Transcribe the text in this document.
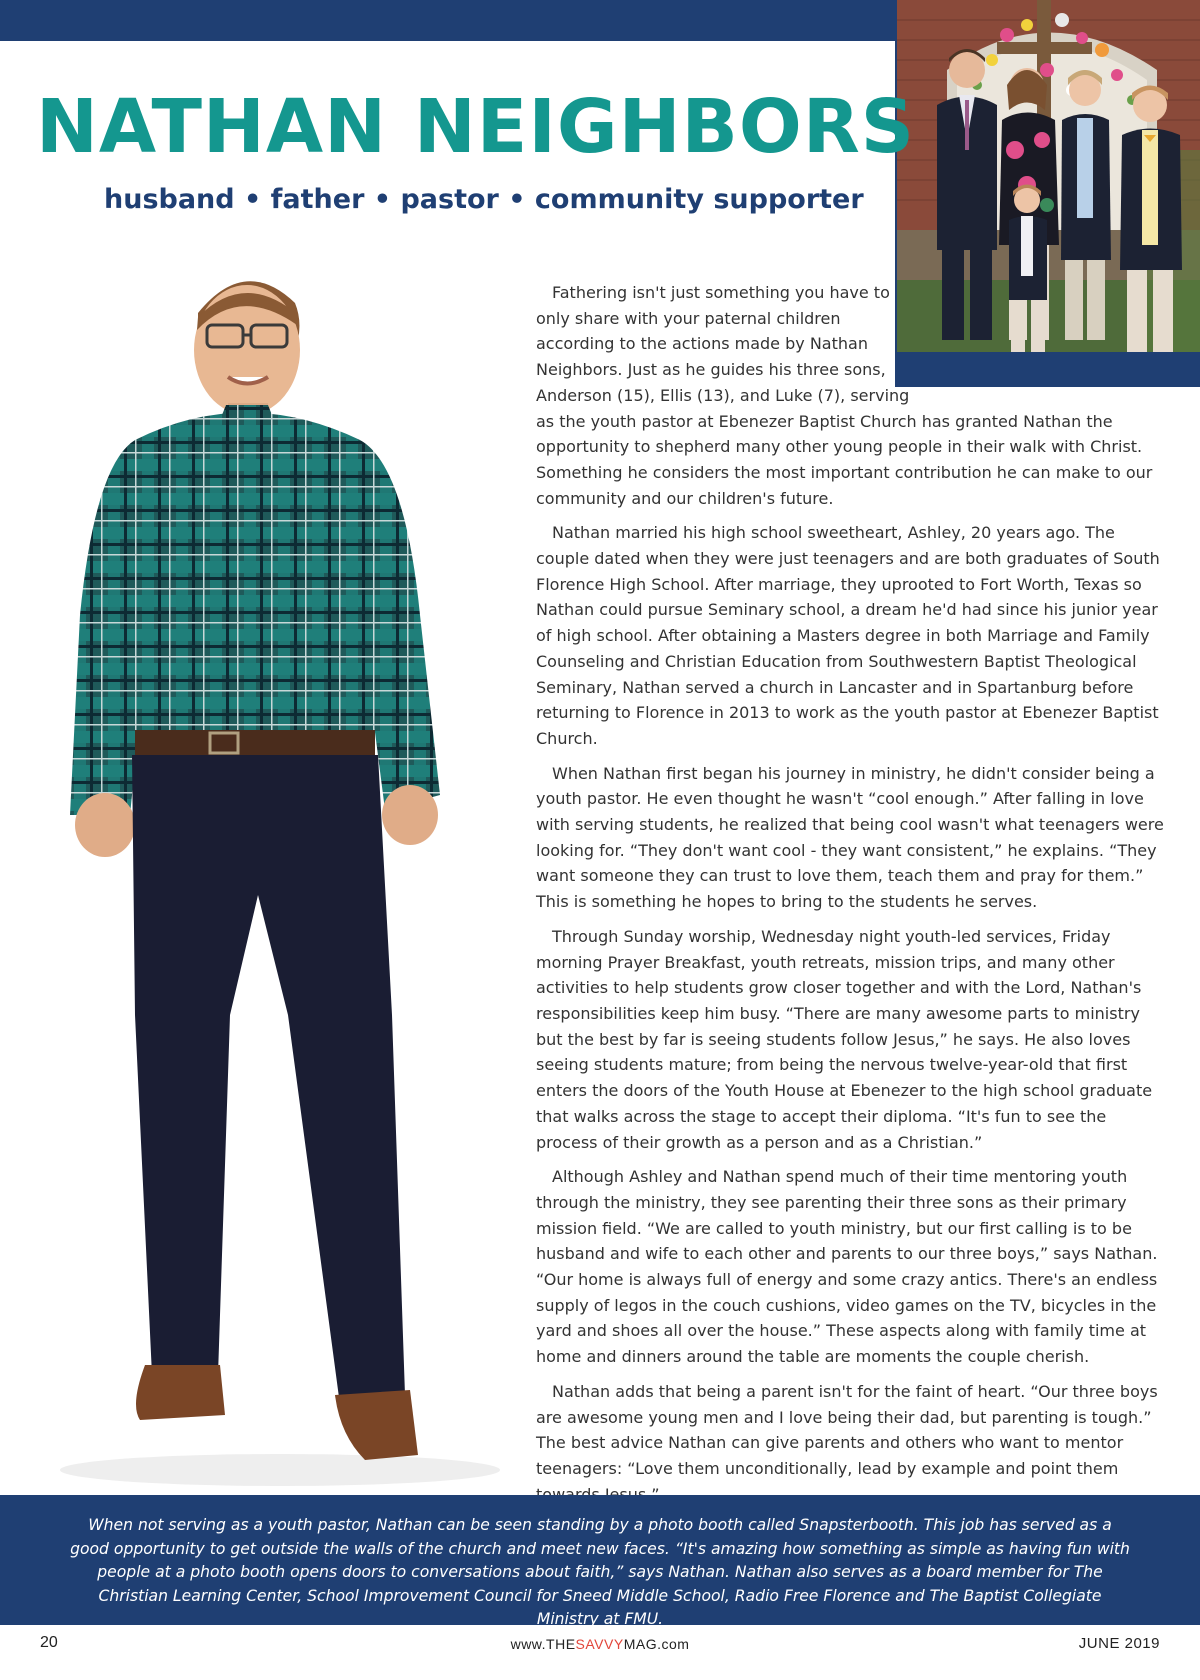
NATHAN NEIGHBORS
husband • father • pastor • community supporter

Fathering isn't just something you have to only share with your paternal children according to the actions made by Nathan Neighbors. Just as he guides his three sons, Anderson (15), Ellis (13), and Luke (7), serving as the youth pastor at Ebenezer Baptist Church has granted Nathan the opportunity to shepherd many other young people in their walk with Christ. Something he considers the most important contribution he can make to our community and our children's future.

Nathan married his high school sweetheart, Ashley, 20 years ago. The couple dated when they were just teenagers and are both graduates of South Florence High School. After marriage, they uprooted to Fort Worth, Texas so Nathan could pursue Seminary school, a dream he'd had since his junior year of high school. After obtaining a Masters degree in both Marriage and Family Counseling and Christian Education from Southwestern Baptist Theological Seminary, Nathan served a church in Lancaster and in Spartanburg before returning to Florence in 2013 to work as the youth pastor at Ebenezer Baptist Church.

When Nathan first began his journey in ministry, he didn't consider being a youth pastor. He even thought he wasn't “cool enough.” After falling in love with serving students, he realized that being cool wasn't what teenagers were looking for. “They don't want cool - they want consistent,” he explains. “They want someone they can trust to love them, teach them and pray for them.” This is something he hopes to bring to the students he serves.

Through Sunday worship, Wednesday night youth-led services, Friday morning Prayer Breakfast, youth retreats, mission trips, and many other activities to help students grow closer together and with the Lord, Nathan's responsibilities keep him busy. “There are many awesome parts to ministry but the best by far is seeing students follow Jesus,” he says. He also loves seeing students mature; from being the nervous twelve-year-old that first enters the doors of the Youth House at Ebenezer to the high school graduate that walks across the stage to accept their diploma. “It's fun to see the process of their growth as a person and as a Christian.”

Although Ashley and Nathan spend much of their time mentoring youth through the ministry, they see parenting their three sons as their primary mission field. “We are called to youth ministry, but our first calling is to be husband and wife to each other and parents to our three boys,” says Nathan. “Our home is always full of energy and some crazy antics. There's an endless supply of legos in the couch cushions, video games on the TV, bicycles in the yard and shoes all over the house.” These aspects along with family time at home and dinners around the table are moments the couple cherish.

Nathan adds that being a parent isn't for the faint of heart. “Our three boys are awesome young men and I love being their dad, but parenting is tough.” The best advice Nathan can give parents and others who want to mentor teenagers: “Love them unconditionally, lead by example and point them

When not serving as a youth pastor, Nathan can be seen standing by a photo booth called Snapsterbooth. This job has served as a good opportunity to get outside the walls of the church and meet new faces. “It's amazing how something as simple as having fun with people at a photo booth opens doors to conversations about faith,” says Nathan. Nathan also serves as a board member for The Christian Learning Center, School Improvement Council for Sneed Middle School, Radio Free Florence and The Baptist Collegiate Ministry at FMU.
20	www.THESAVVYMAG.com	JUNE 2019
